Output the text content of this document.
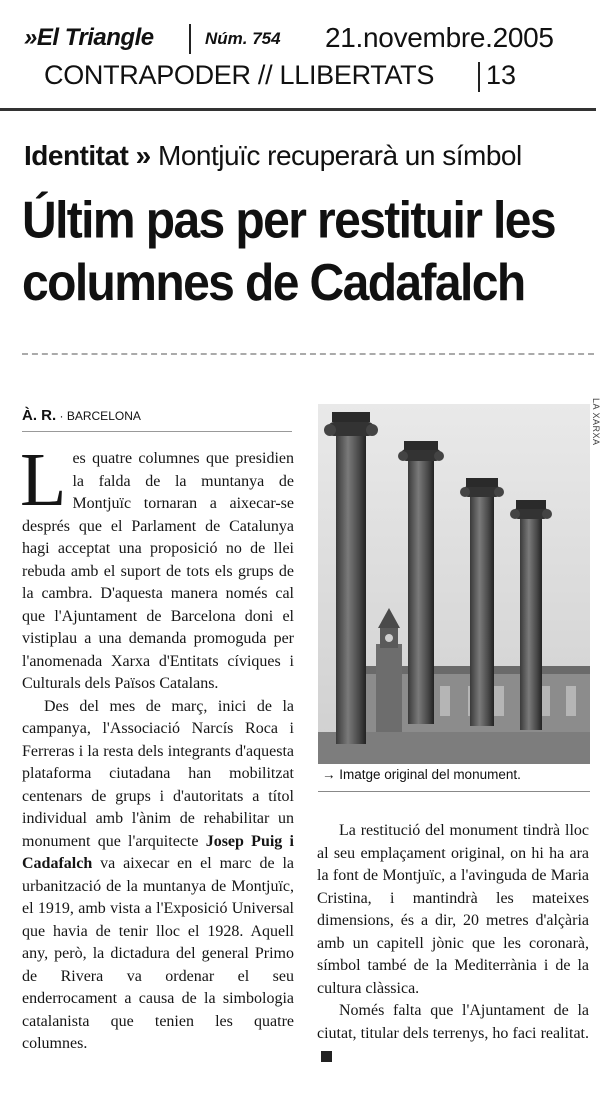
»El Triangle	Núm. 754 21.novembre.2005
CONTRAPODER // LLIBERTATS 13
Identitat » Montjuïc recuperarà un símbol
Últim pas per restituir les columnes de Cadafalch
À. R. · BARCELONA

Les quatre columnes que presidien la falda de la muntanya de Montjuïc tornaran a aixecar-se després que el Parlament de Catalunya hagi acceptat una proposició no de llei rebuda amb el suport de tots els grups de la cambra. D'aquesta manera només cal que l'Ajuntament de Barcelona doni el vistiplau a una demanda promoguda per l'anomenada Xarxa d'Entitats cíviques i Culturals dels Països Catalans.

Des del mes de març, inici de la campanya, l'Associació Narcís Roca i Ferreras i la resta dels integrants d'aquesta plataforma ciutadana han mobilitzat centenars de grups i d'autoritats a títol individual amb l'ànim de rehabilitar un monument que l'arquitecte Josep Puig i Cadafalch va aixecar en el marc de la urbanització de la muntanya de Montjuïc, el 1919, amb vista a l'Exposició Universal que havia de tenir lloc el 1928. Aquell any, però, la dictadura del general Primo de Rivera va ordenar el seu enderrocament a causa de la simbologia catalanista que tenien les quatre columnes.

LA XARXA
→ Imatge original del monument.

La restitució del monument tindrà lloc al seu emplaçament original, on hi ha ara la font de Montjuïc, a l'avinguda de Maria Cristina, i mantindrà les mateixes dimensions, és a dir, 20 metres d'alçària amb un capitell jònic que les coronarà, símbol també de la Mediterrània i de la cultura clàssica.

Només falta que l'Ajuntament de la ciutat, titular dels terrenys, ho faci realitat.◂
